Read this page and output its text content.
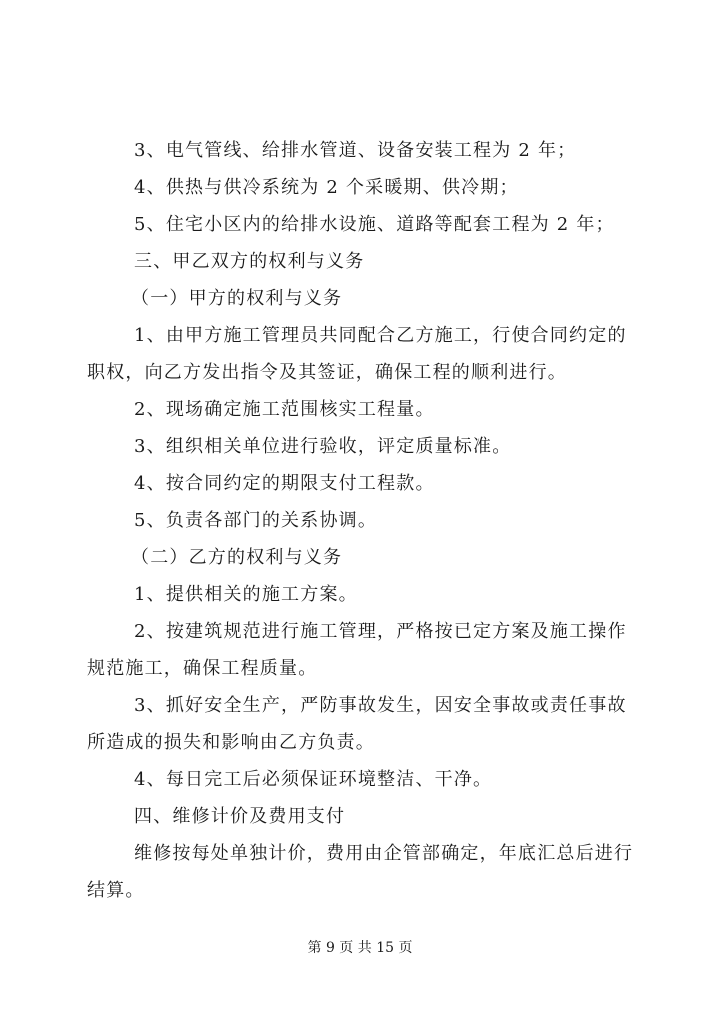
3、电气管线、给排水管道、设备安装工程为 2 年；
4、供热与供冷系统为 2 个采暖期、供冷期；
5、住宅小区内的给排水设施、道路等配套工程为 2 年；
三、甲乙双方的权利与义务
（一）甲方的权利与义务
1、由甲方施工管理员共同配合乙方施工，行使合同约定的
职权，向乙方发出指令及其签证，确保工程的顺利进行。
2、现场确定施工范围核实工程量。
3、组织相关单位进行验收，评定质量标准。
4、按合同约定的期限支付工程款。
5、负责各部门的关系协调。
（二）乙方的权利与义务
1、提供相关的施工方案。
2、按建筑规范进行施工管理，严格按已定方案及施工操作
规范施工，确保工程质量。
3、抓好安全生产，严防事故发生，因安全事故或责任事故
所造成的损失和影响由乙方负责。
4、每日完工后必须保证环境整洁、干净。
四、维修计价及费用支付
维修按每处单独计价，费用由企管部确定，年底汇总后进行
结算。
第 9 页 共 15 页
